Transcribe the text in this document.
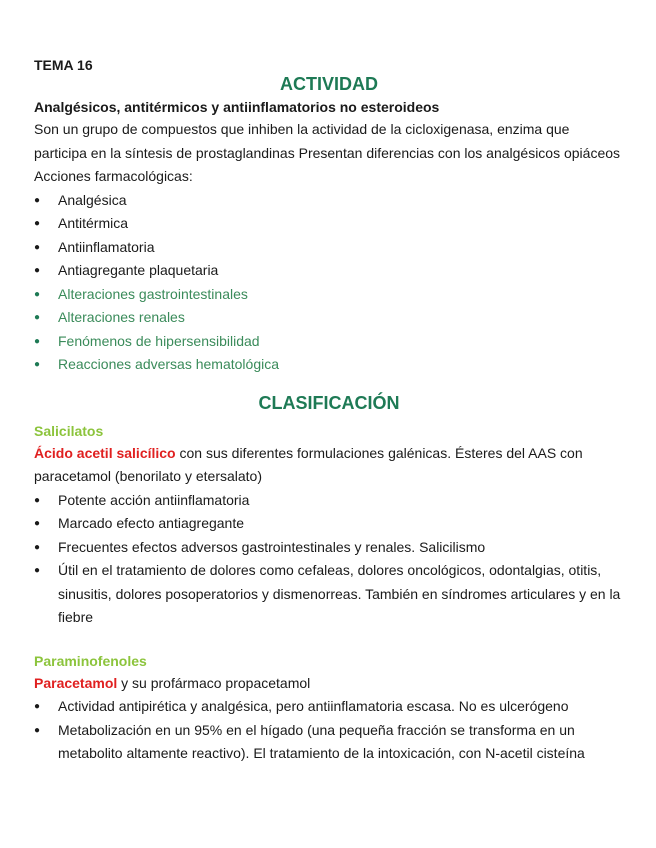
TEMA 16
ACTIVIDAD
Analgésicos, antitérmicos y antiinflamatorios no esteroideos
Son un grupo de compuestos que inhiben la actividad de la cicloxigenasa, enzima que participa en la síntesis de prostaglandinas Presentan diferencias con los analgésicos opiáceos
Acciones farmacológicas:
● Analgésica
● Antitérmica
● Antiinflamatoria
● Antiagregante plaquetaria
● Alteraciones gastrointestinales
● Alteraciones renales
● Fenómenos de hipersensibilidad
● Reacciones adversas hematológica
CLASIFICACIÓN
Salicilatos
Ácido acetil salicílico con sus diferentes formulaciones galénicas. Ésteres del AAS con paracetamol (benorilato y etersalato)
● Potente acción antiinflamatoria
● Marcado efecto antiagregante
● Frecuentes efectos adversos gastrointestinales y renales. Salicilismo
● Útil en el tratamiento de dolores como cefaleas, dolores oncológicos, odontalgias, otitis, sinusitis, dolores posoperatorios y dismenorreas. También en síndromes articulares y en la fiebre
Paraminofenoles
Paracetamol y su profármaco propacetamol
● Actividad antipirética y analgésica, pero antiinflamatoria escasa. No es ulcerógeno
● Metabolización en un 95% en el hígado (una pequeña fracción se transforma en un metabolito altamente reactivo). El tratamiento de la intoxicación, con N-acetil cisteína
